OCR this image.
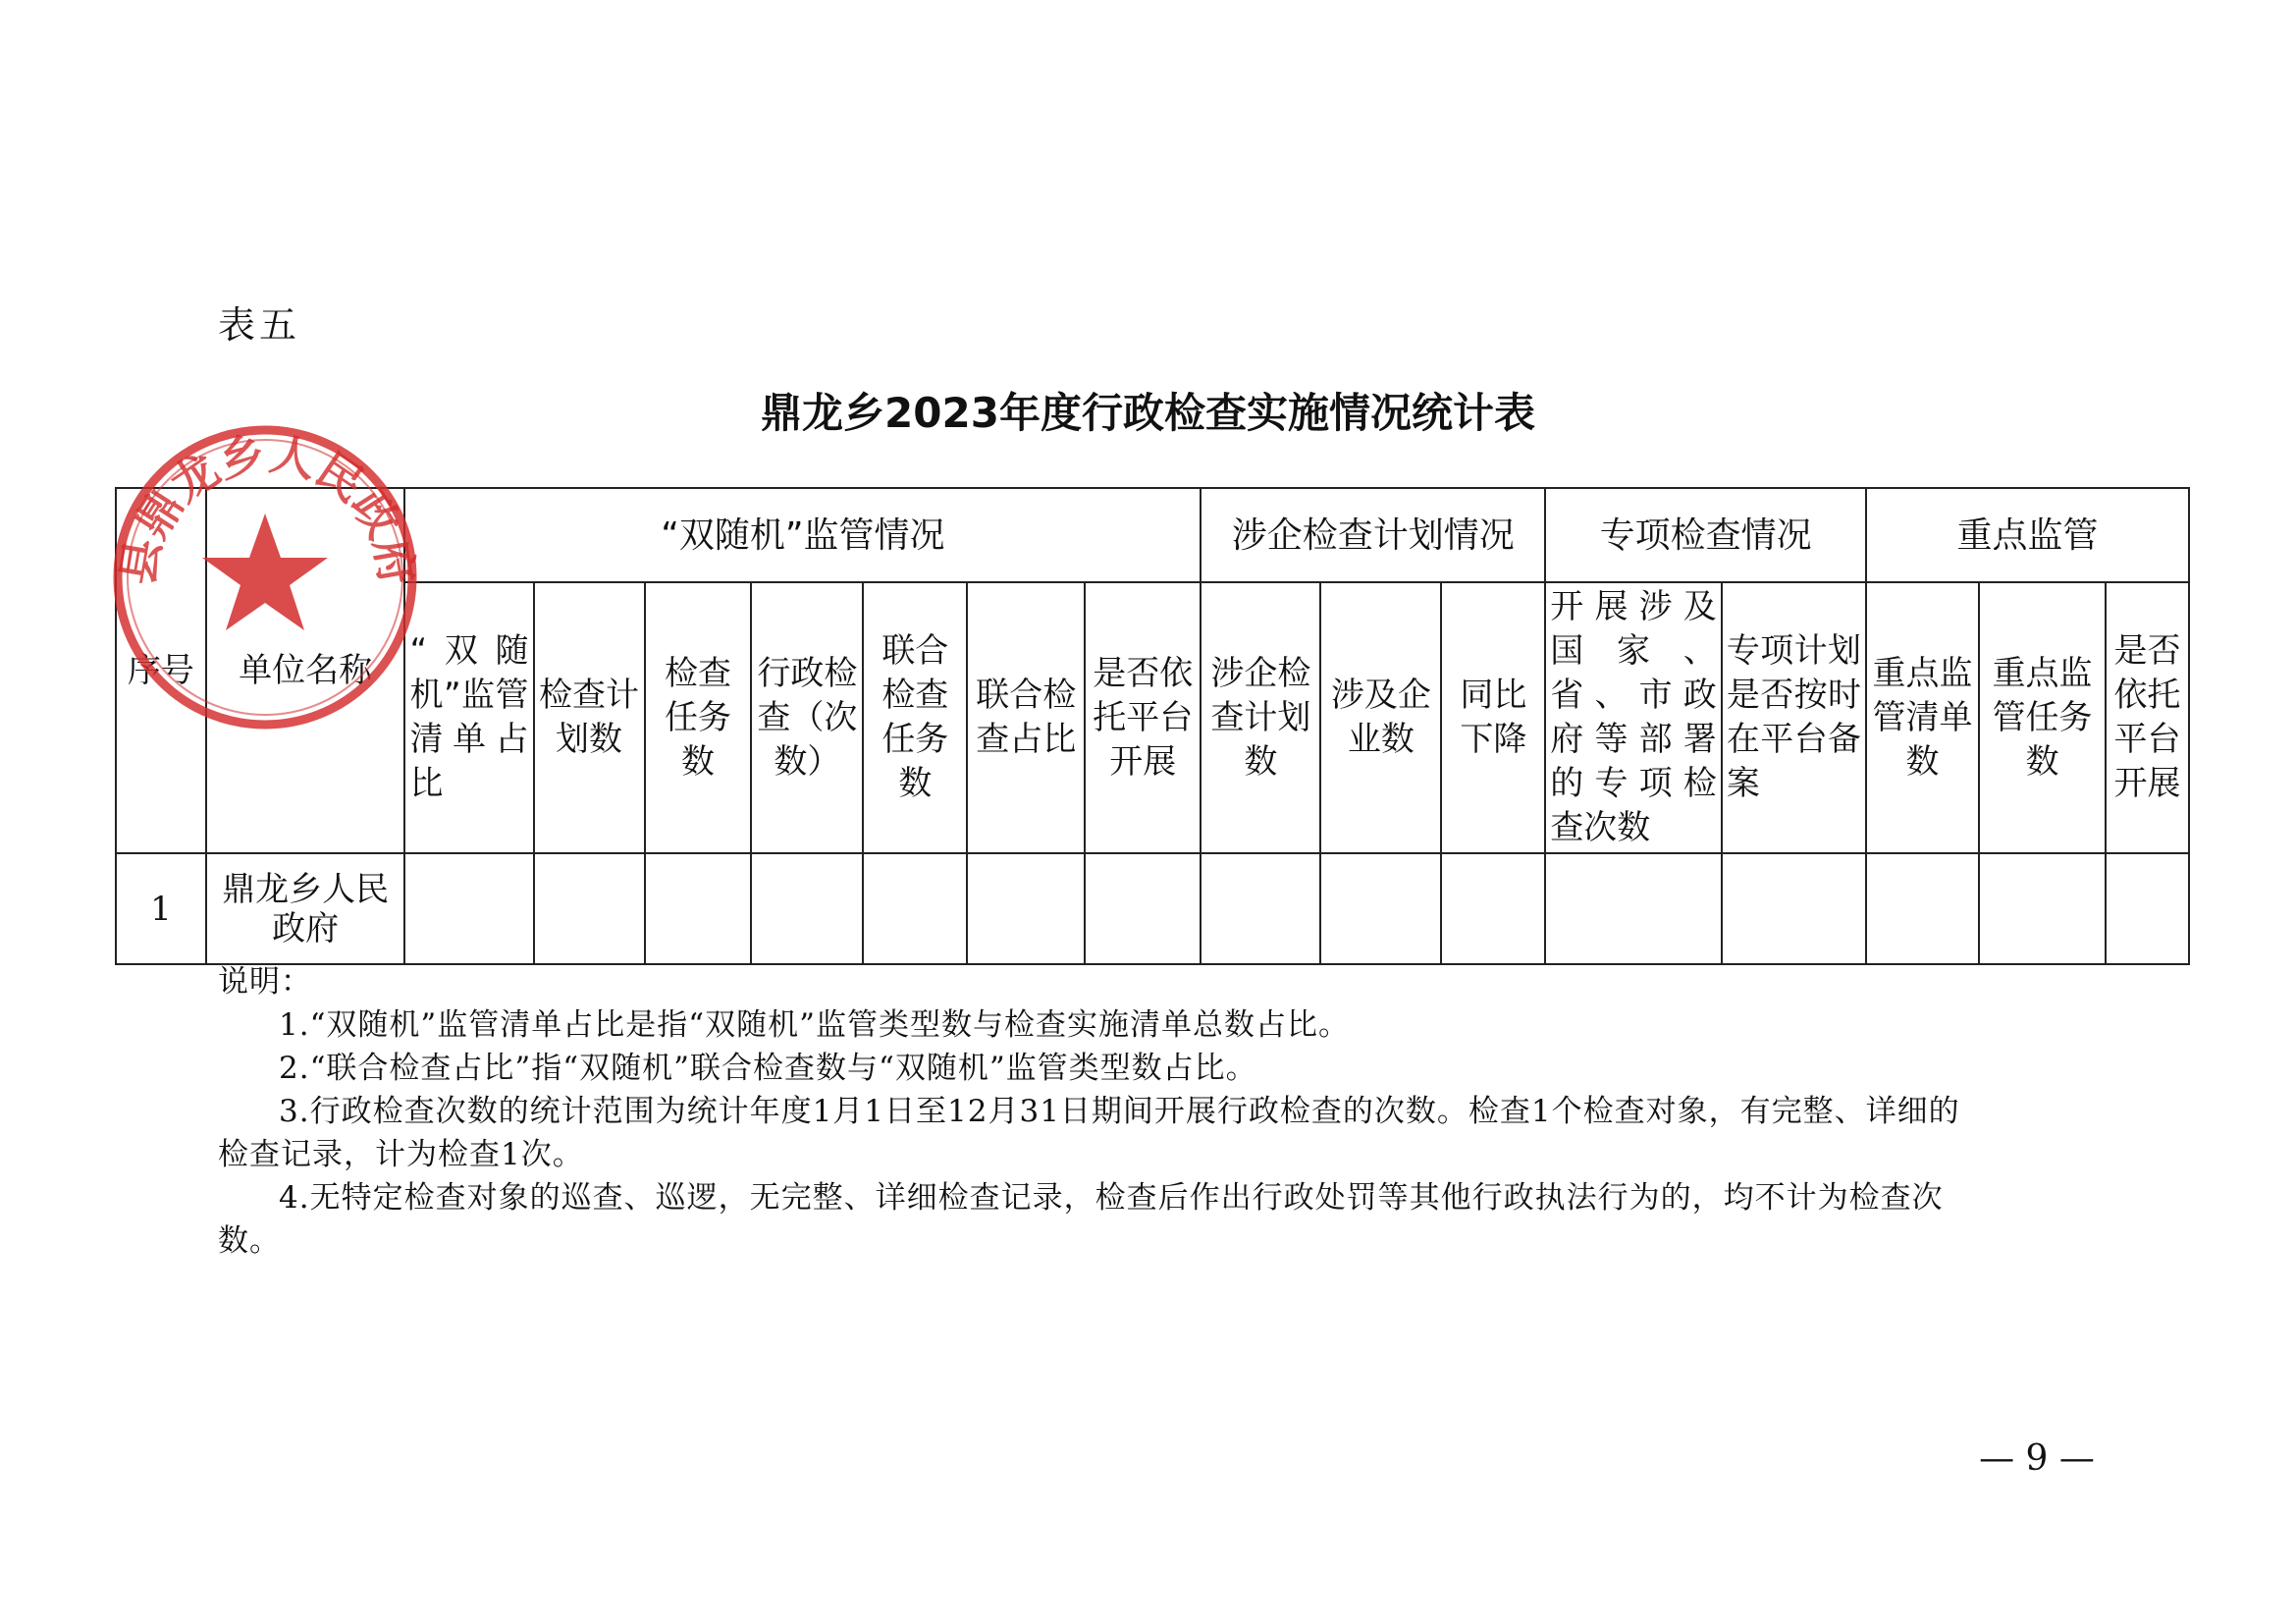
表五
鼎龙乡2023年度行政检查实施情况统计表
序号	单位名称	“双随机”监管情况							涉企检查计划情况			专项检查情况		重点监管		
		“双随机”监管清单占比	检查计划数	检查任务数	行政检查（次数）	联合检查任务数	联合检查占比	是否依托平台开展	涉企检查计划数	涉及企业数	同比下降	开展涉及国家、省、市政府等部署的专项检查次数	专项计划是否按时在平台备案	重点监管清单数	重点监管任务数	是否依托平台开展
1	鼎龙乡人民政府															

说明：

1.“双随机”监管清单占比是指“双随机”监管类型数与检查实施清单总数占比。

2.“联合检查占比”指“双随机”联合检查数与“双随机”监管类型数占比。

3.行政检查次数的统计范围为统计年度1月1日至12月31日期间开展行政检查的次数。检查1个检查对象，有完整、详细的检查记录，计为检查1次。

4.无特定检查对象的巡查、巡逻，无完整、详细检查记录，检查后作出行政处罚等其他行政执法行为的，均不计为检查次数。

— 9 —
县鼎龙乡人民政府
